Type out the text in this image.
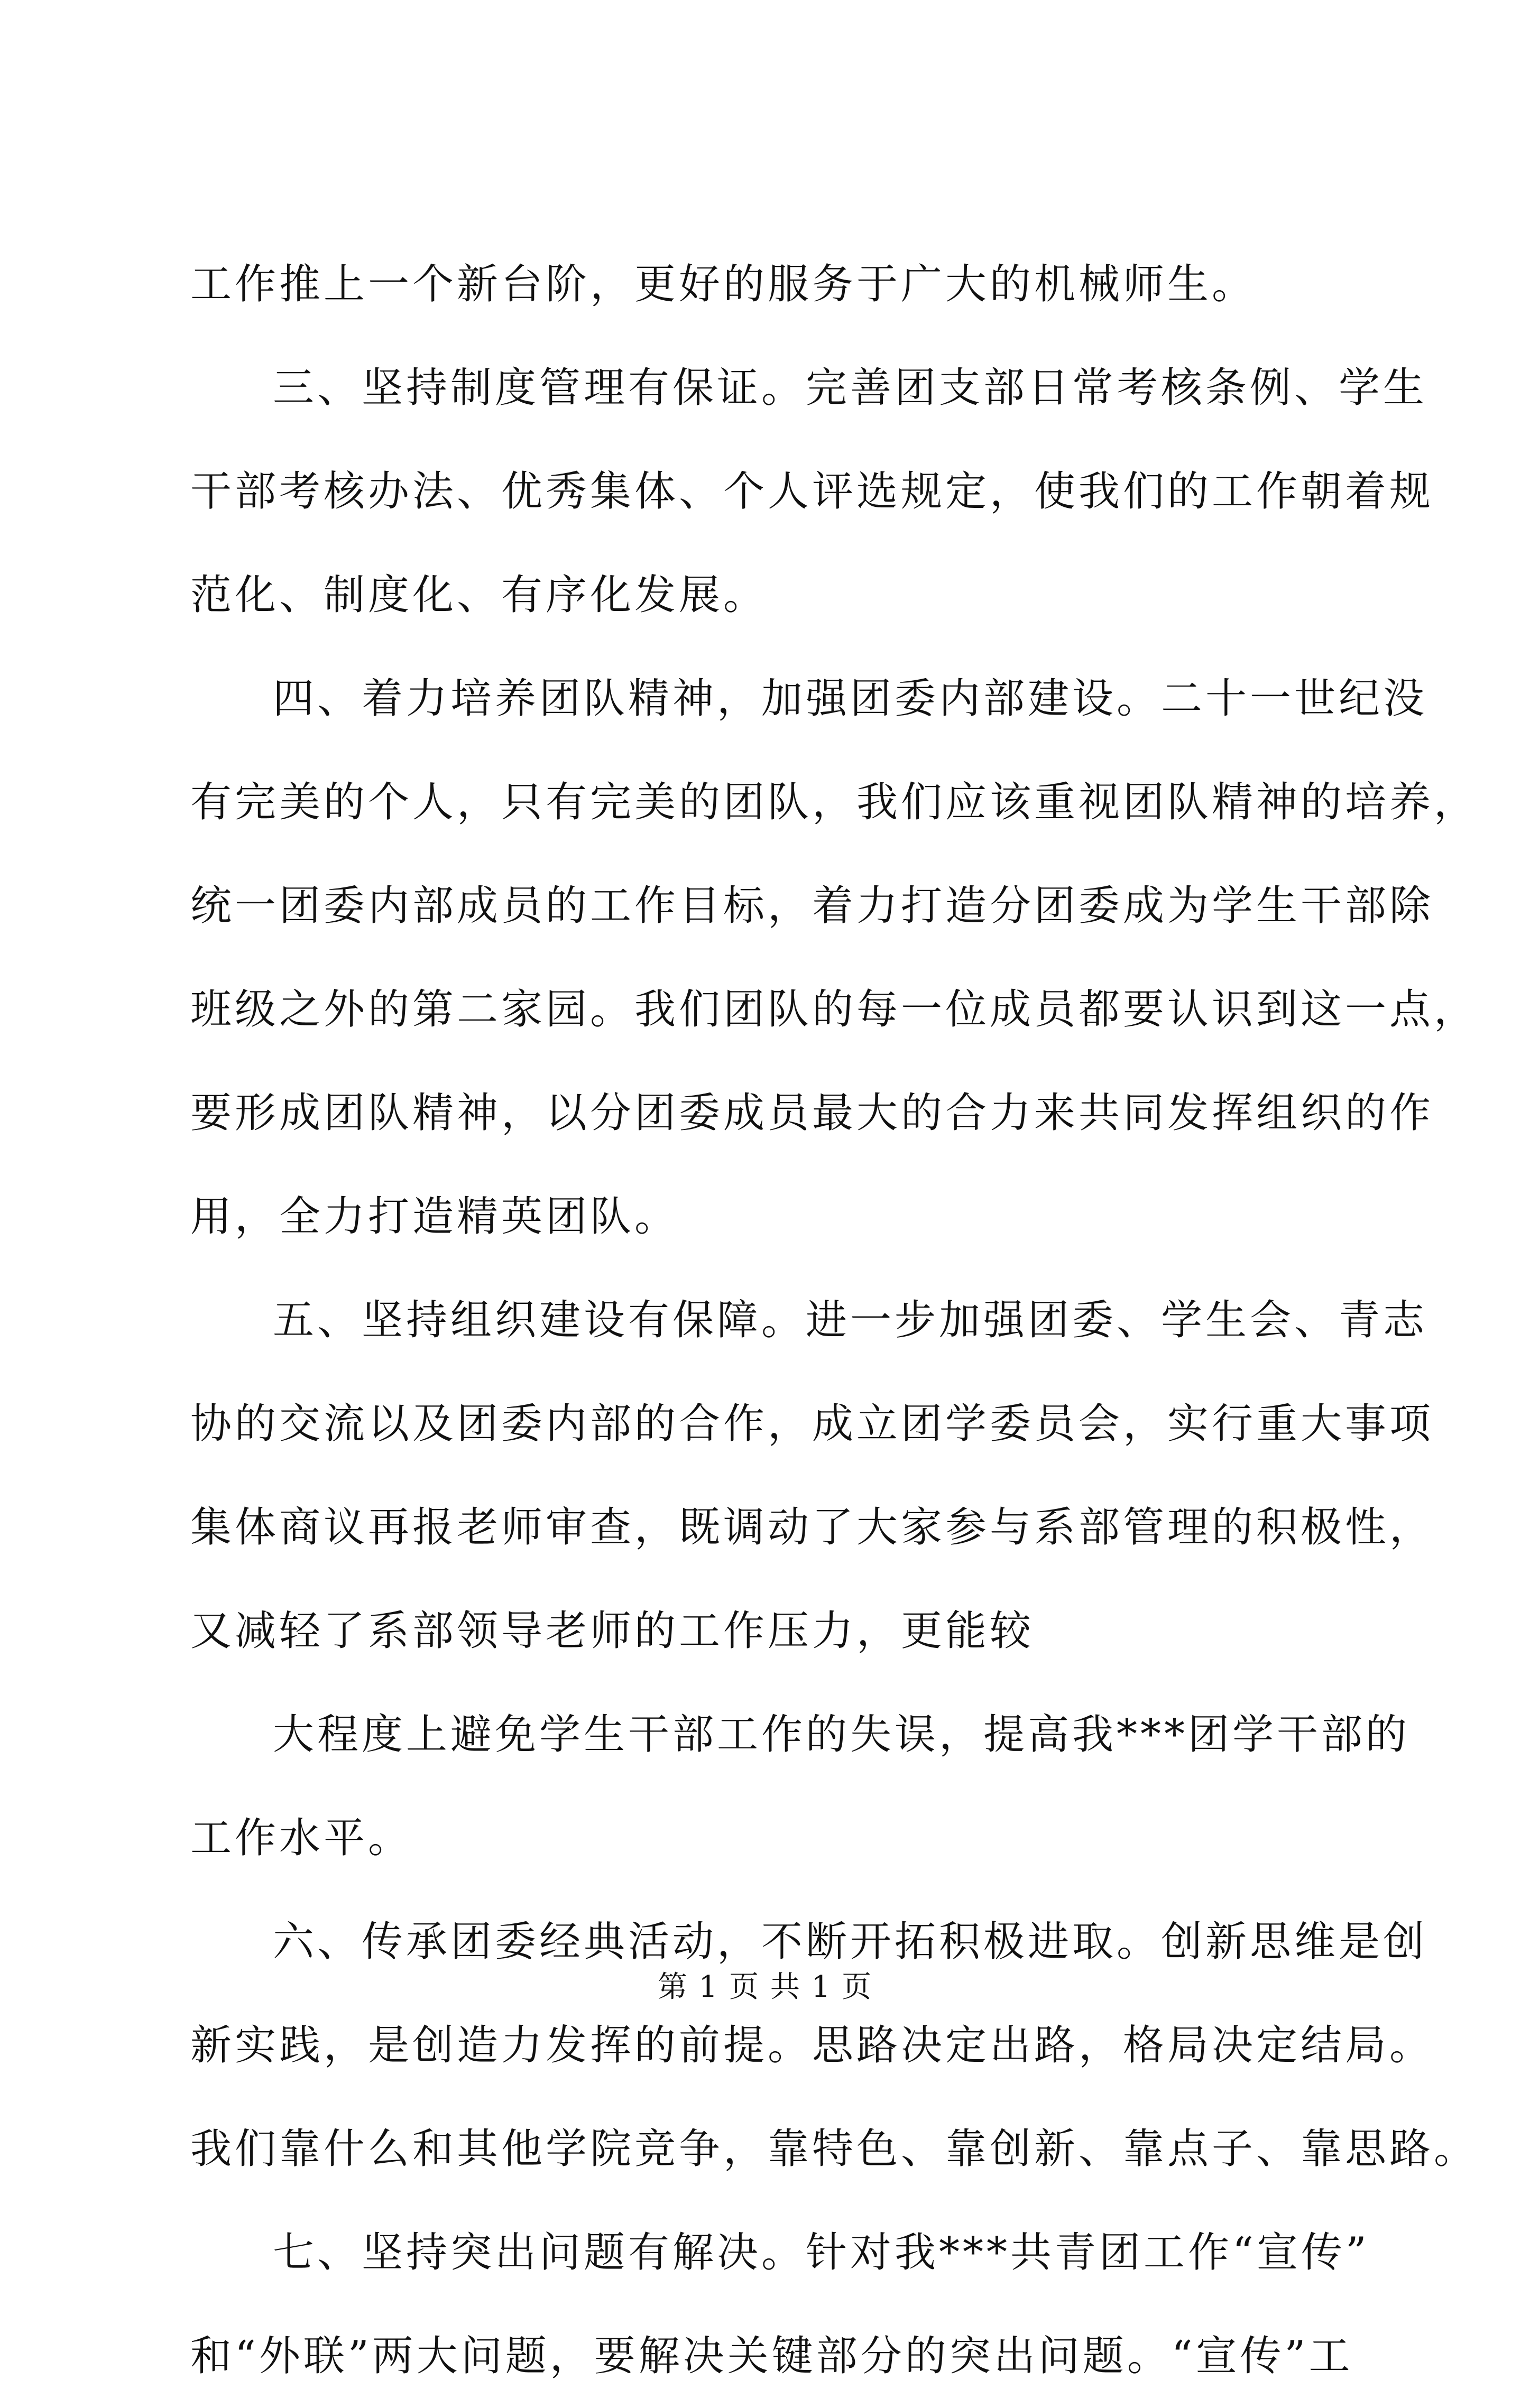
工作推上一个新台阶，更好的服务于广大的机械师生。
三、坚持制度管理有保证。完善团支部日常考核条例、学生
干部考核办法、优秀集体、个人评选规定，使我们的工作朝着规
范化、制度化、有序化发展。
四、着力培养团队精神，加强团委内部建设。二十一世纪没
有完美的个人，只有完美的团队，我们应该重视团队精神的培养，
统一团委内部成员的工作目标，着力打造分团委成为学生干部除
班级之外的第二家园。我们团队的每一位成员都要认识到这一点，
要形成团队精神，以分团委成员最大的合力来共同发挥组织的作
用，全力打造精英团队。
五、坚持组织建设有保障。进一步加强团委、学生会、青志
协的交流以及团委内部的合作，成立团学委员会，实行重大事项
集体商议再报老师审查，既调动了大家参与系部管理的积极性，
又减轻了系部领导老师的工作压力，更能较
大程度上避免学生干部工作的失误，提高我***团学干部的
工作水平。
六、传承团委经典活动，不断开拓积极进取。创新思维是创
新实践，是创造力发挥的前提。思路决定出路，格局决定结局。
我们靠什么和其他学院竞争，靠特色、靠创新、靠点子、靠思路。
七、坚持突出问题有解决。针对我***共青团工作“宣传”
和“外联”两大问题，要解决关键部分的突出问题。“宣传”工
第 1 页 共 1 页
